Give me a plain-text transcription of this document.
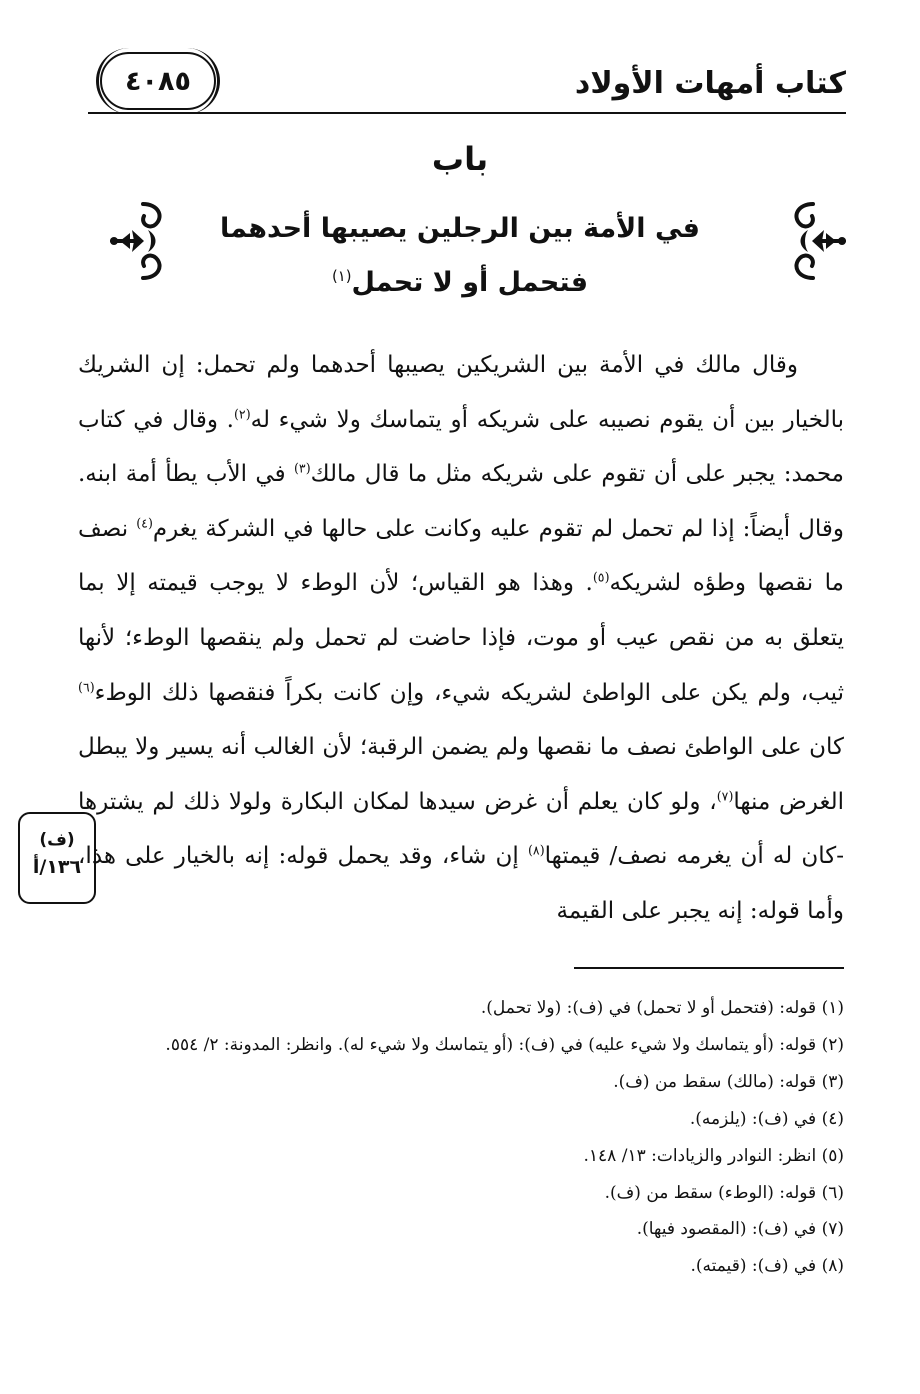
كتاب أمهات الأولاد
٤٠٨٥
باب
في الأمة بين الرجلين يصيبها أحدهما
فتحمل أو لا تحمل$^{(١)}$

وقال مالك في الأمة بين الشريكين يصيبها أحدهما ولم تحمل: إن الشريك بالخيار بين أن يقوم نصيبه على شريكه أو يتماسك ولا شيء له$^{(٢)}$. وقال في كتاب محمد: يجبر على أن تقوم على شريكه مثل ما قال مالك$^{(٣)}$ في الأب يطأ أمة ابنه. وقال أيضاً: إذا لم تحمل لم تقوم عليه وكانت على حالها في الشركة يغرم$^{(٤)}$ نصف ما نقصها وطؤه لشريكه$^{(٥)}$. وهذا هو القياس؛ لأن الوطء لا يوجب قيمته إلا بما يتعلق به من نقص عيب أو موت، فإذا حاضت لم تحمل ولم ينقصها الوطء؛ لأنها ثيب، ولم يكن على الواطئ لشريكه شيء، وإن كانت بكراً فنقصها ذلك الوطء$^{(٦)}$ كان على الواطئ نصف ما نقصها ولم يضمن الرقبة؛ لأن الغالب أنه يسير ولا يبطل الغرض منها$^{(٧)}$، ولو كان يعلم أن غرض سيدها لمكان البكارة ولولا ذلك لم يشترها -كان له أن يغرمه نصف/ قيمتها$^{(٨)}$ إن شاء، وقد يحمل قوله: إنه بالخيار على هذا، وأما قوله: إنه يجبر على القيمة

(ف)
١٣٦/أ
(١) قوله: (فتحمل أو لا تحمل) في (ف): (ولا تحمل).
(٢) قوله: (أو يتماسك ولا شيء عليه) في (ف): (أو يتماسك ولا شيء له). وانظر: المدونة: ٢/ ٥٥٤.
(٣) قوله: (مالك) سقط من (ف).
(٤) في (ف): (يلزمه).
(٥) انظر: النوادر والزيادات: ١٣/ ١٤٨.
(٦) قوله: (الوطء) سقط من (ف).
(٧) في (ف): (المقصود فيها).
(٨) في (ف): (قيمته).
